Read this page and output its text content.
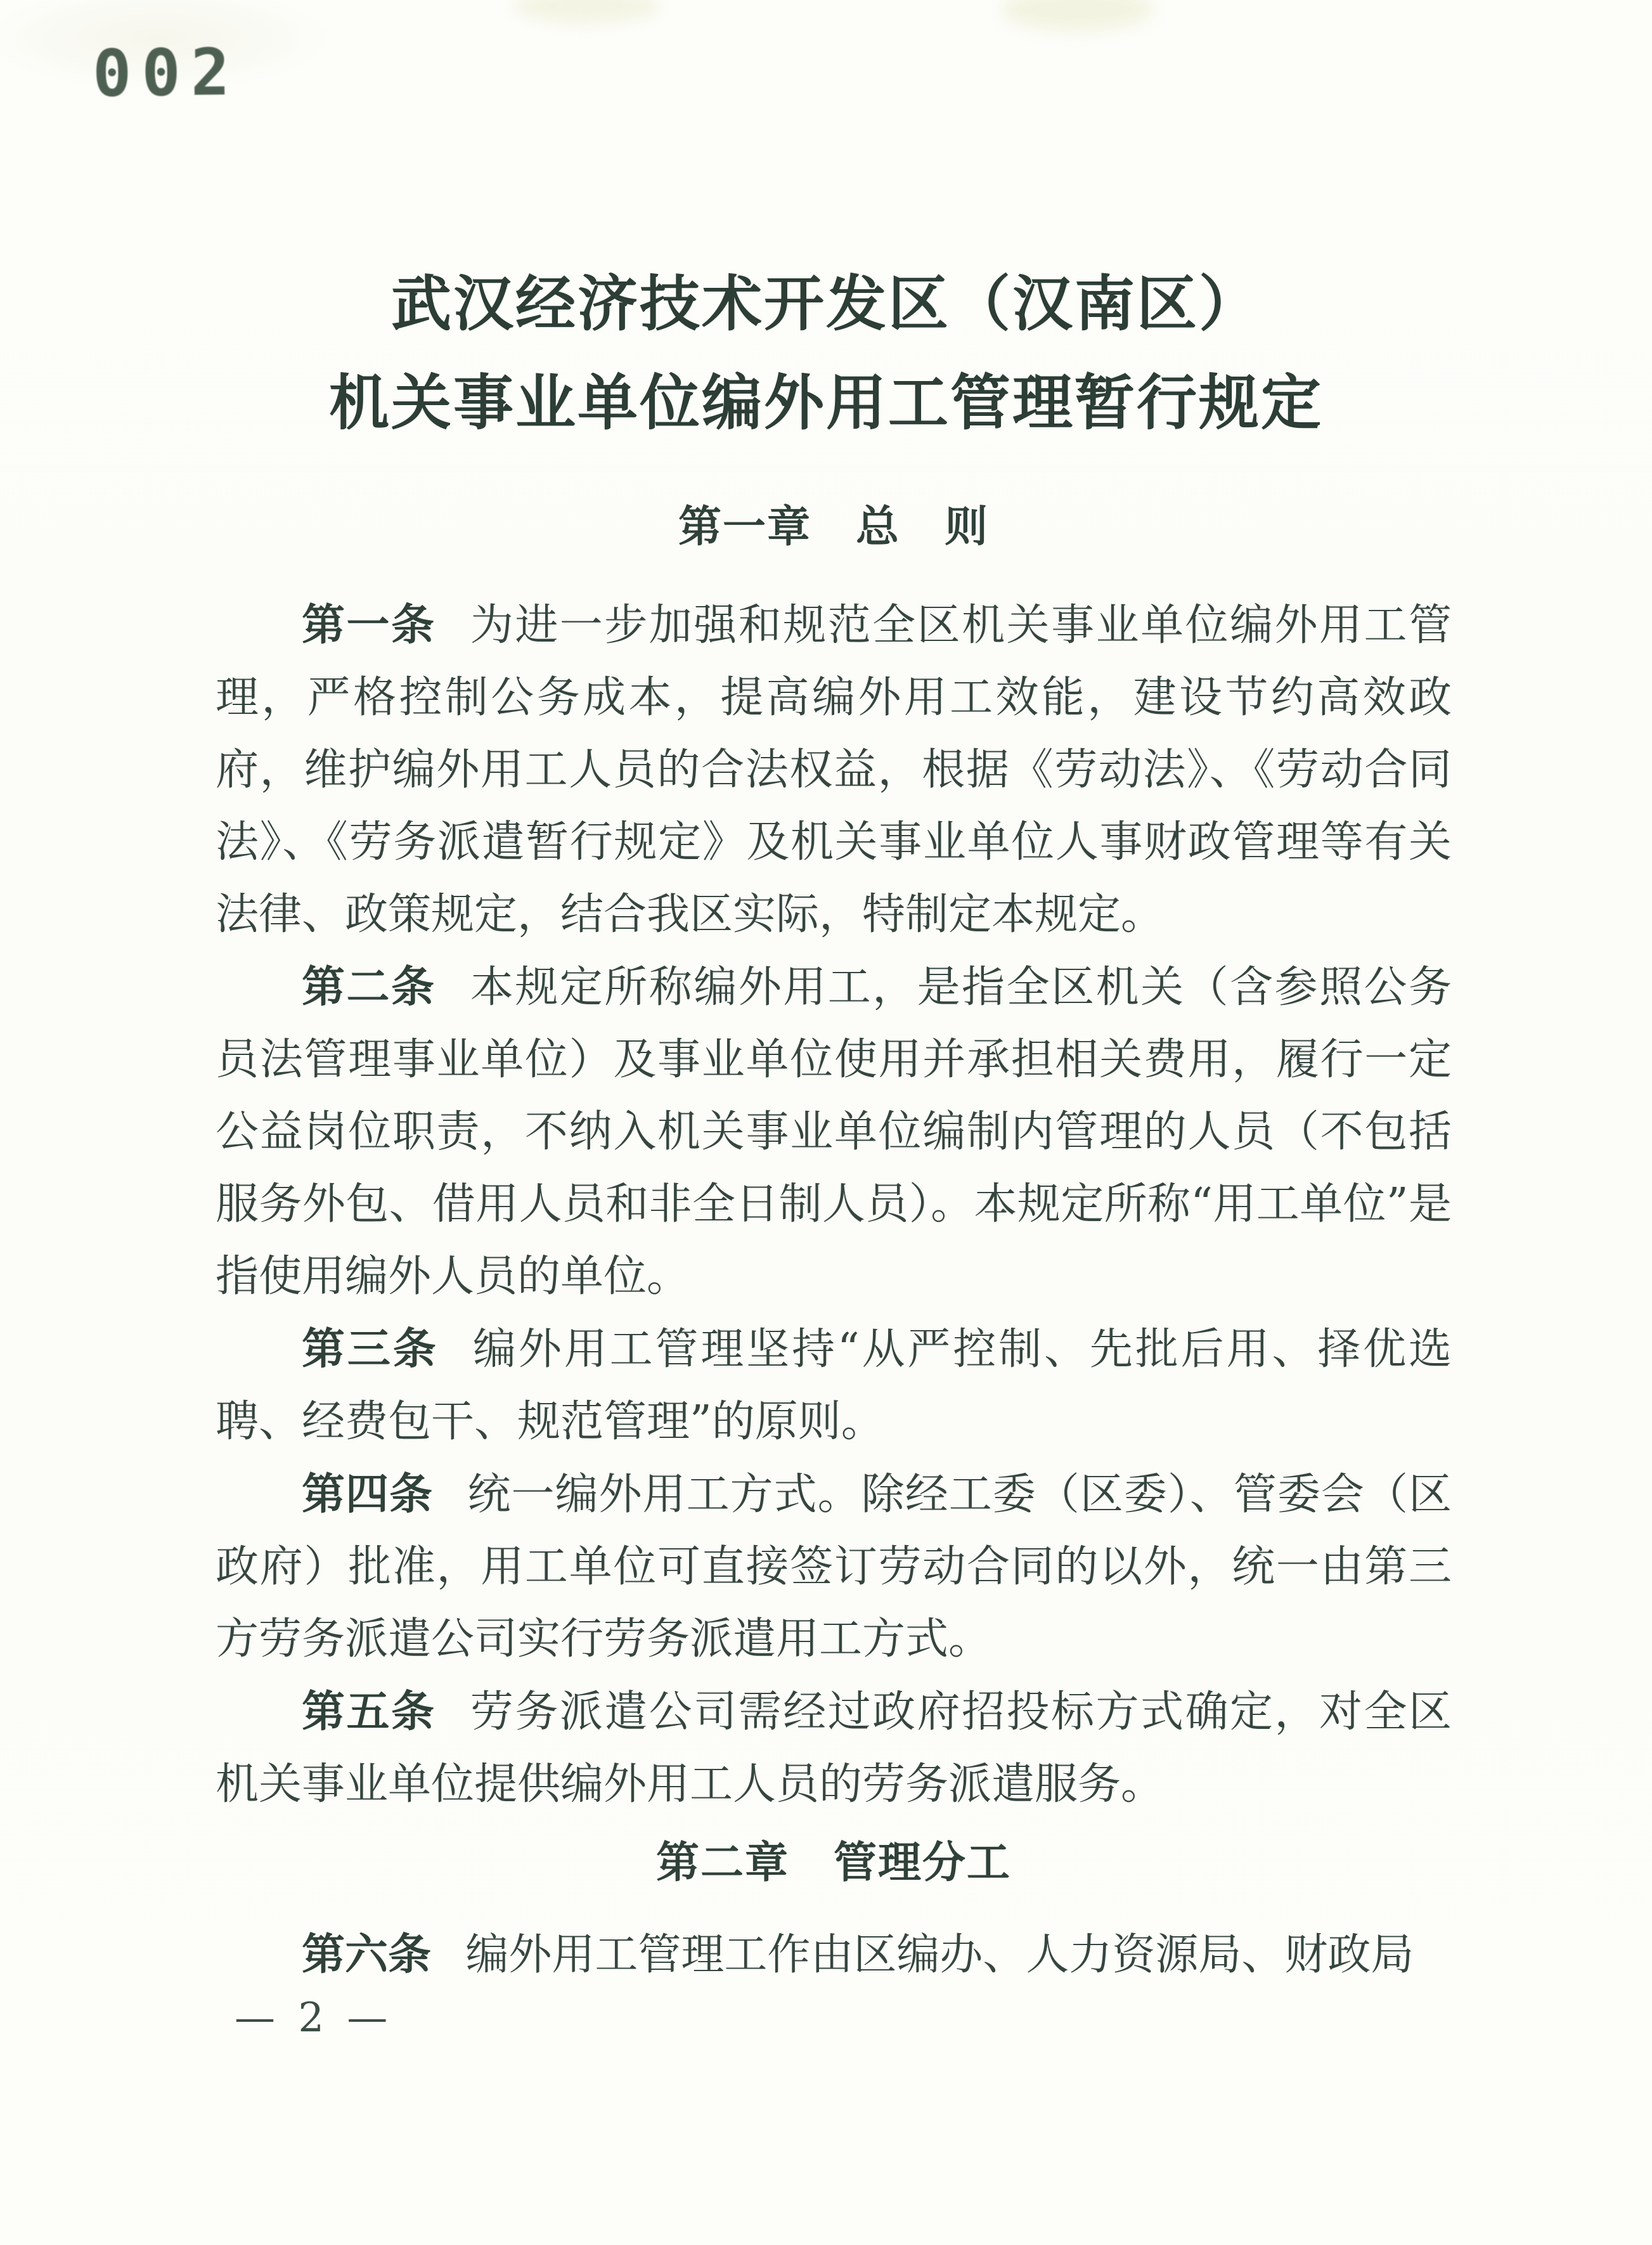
002
武汉经济技术开发区（汉南区）
机关事业单位编外用工管理暂行规定
第一章　总　则

第一条 为进一步加强和规范全区机关事业单位编外用工管理，严格控制公务成本，提高编外用工效能，建设节约高效政府，维护编外用工人员的合法权益，根据《劳动法》、《劳动合同法》、《劳务派遣暂行规定》及机关事业单位人事财政管理等有关法律、政策规定，结合我区实际，特制定本规定。

第二条 本规定所称编外用工，是指全区机关（含参照公务员法管理事业单位）及事业单位使用并承担相关费用，履行一定公益岗位职责，不纳入机关事业单位编制内管理的人员（不包括服务外包、借用人员和非全日制人员）。本规定所称“用工单位”是指使用编外人员的单位。

第三条 编外用工管理坚持“从严控制、先批后用、择优选聘、经费包干、规范管理”的原则。

第四条 统一编外用工方式。除经工委（区委）、管委会（区政府）批准，用工单位可直接签订劳动合同的以外，统一由第三方劳务派遣公司实行劳务派遣用工方式。

第五条 劳务派遣公司需经过政府招投标方式确定，对全区机关事业单位提供编外用工人员的劳务派遣服务。

第二章　管理分工

第六条 编外用工管理工作由区编办、人力资源局、财政局

— 2 —
